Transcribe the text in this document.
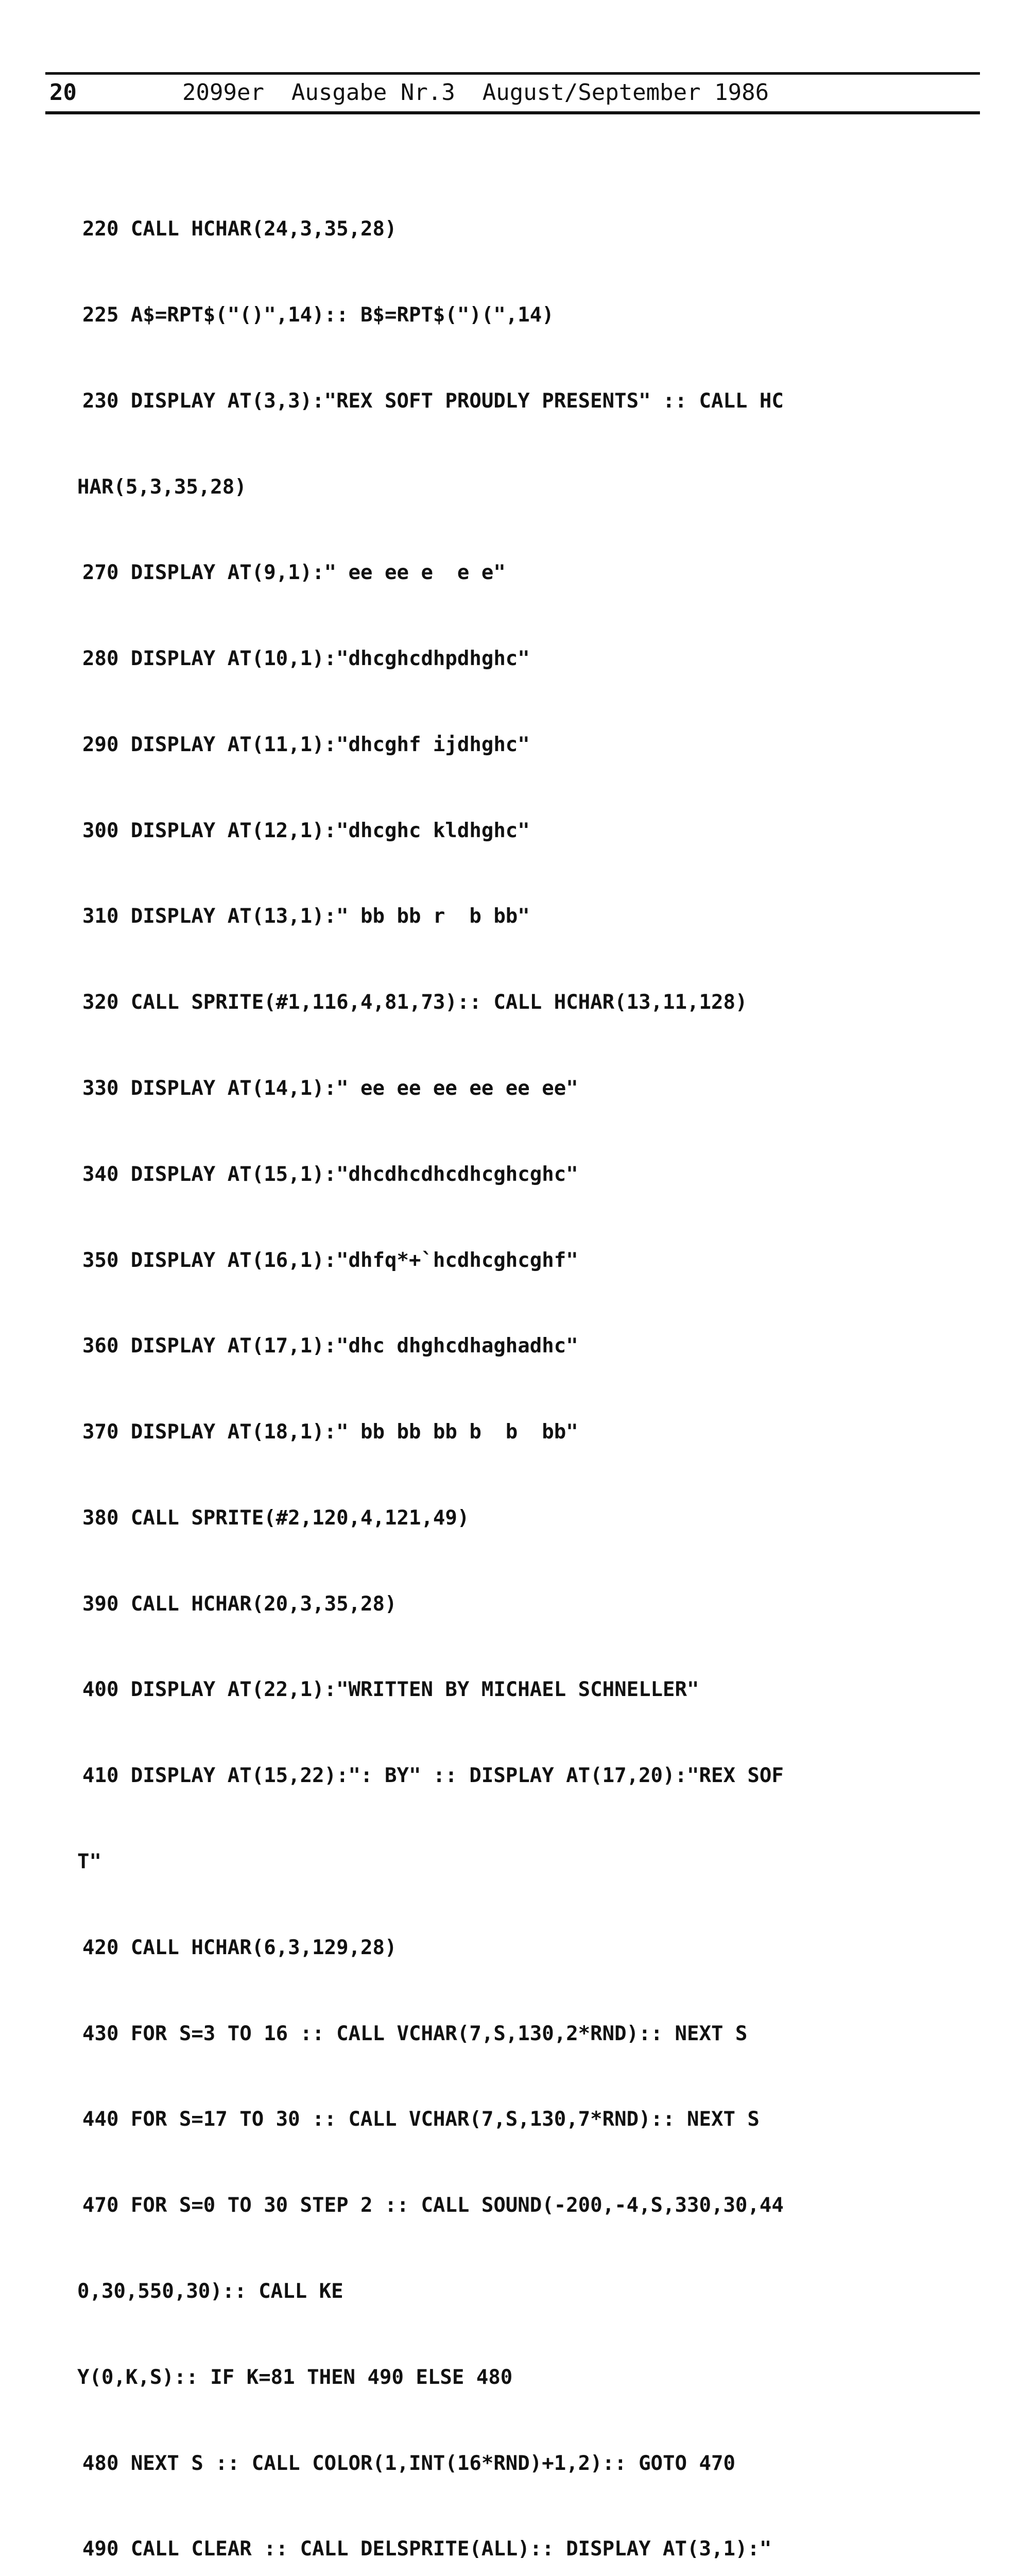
20	2099er  Ausgabe Nr.3  August/September 1986

220 CALL HCHAR(24,3,35,28)

225 A$=RPT$("()",14):: B$=RPT$(")(",14)

230 DISPLAY AT(3,3):"REX SOFT PROUDLY PRESENTS" :: CALL HC

HAR(5,3,35,28)

270 DISPLAY AT(9,1):" ee ee e  e e"

280 DISPLAY AT(10,1):"dhcghcdhpdhghc"

290 DISPLAY AT(11,1):"dhcghf ijdhghc"

300 DISPLAY AT(12,1):"dhcghc kldhghc"

310 DISPLAY AT(13,1):" bb bb r  b bb"

320 CALL SPRITE(#1,116,4,81,73):: CALL HCHAR(13,11,128)

330 DISPLAY AT(14,1):" ee ee ee ee ee ee"

340 DISPLAY AT(15,1):"dhcdhcdhcdhcghcghc"

350 DISPLAY AT(16,1):"dhfq*+`hcdhcghcghf"

360 DISPLAY AT(17,1):"dhc dhghcdhaghadhc"

370 DISPLAY AT(18,1):" bb bb bb b  b  bb"

380 CALL SPRITE(#2,120,4,121,49)

390 CALL HCHAR(20,3,35,28)

400 DISPLAY AT(22,1):"WRITTEN BY MICHAEL SCHNELLER"

410 DISPLAY AT(15,22):": BY" :: DISPLAY AT(17,20):"REX SOF

T"

420 CALL HCHAR(6,3,129,28)

430 FOR S=3 TO 16 :: CALL VCHAR(7,S,130,2*RND):: NEXT S

440 FOR S=17 TO 30 :: CALL VCHAR(7,S,130,7*RND):: NEXT S

470 FOR S=0 TO 30 STEP 2 :: CALL SOUND(-200,-4,S,330,30,44

0,30,550,30):: CALL KE

Y(0,K,S):: IF K=81 THEN 490 ELSE 480

480 NEXT S :: CALL COLOR(1,INT(16*RND)+1,2):: GOTO 470

490 CALL CLEAR :: CALL DELSPRITE(ALL):: DISPLAY AT(3,1):"
